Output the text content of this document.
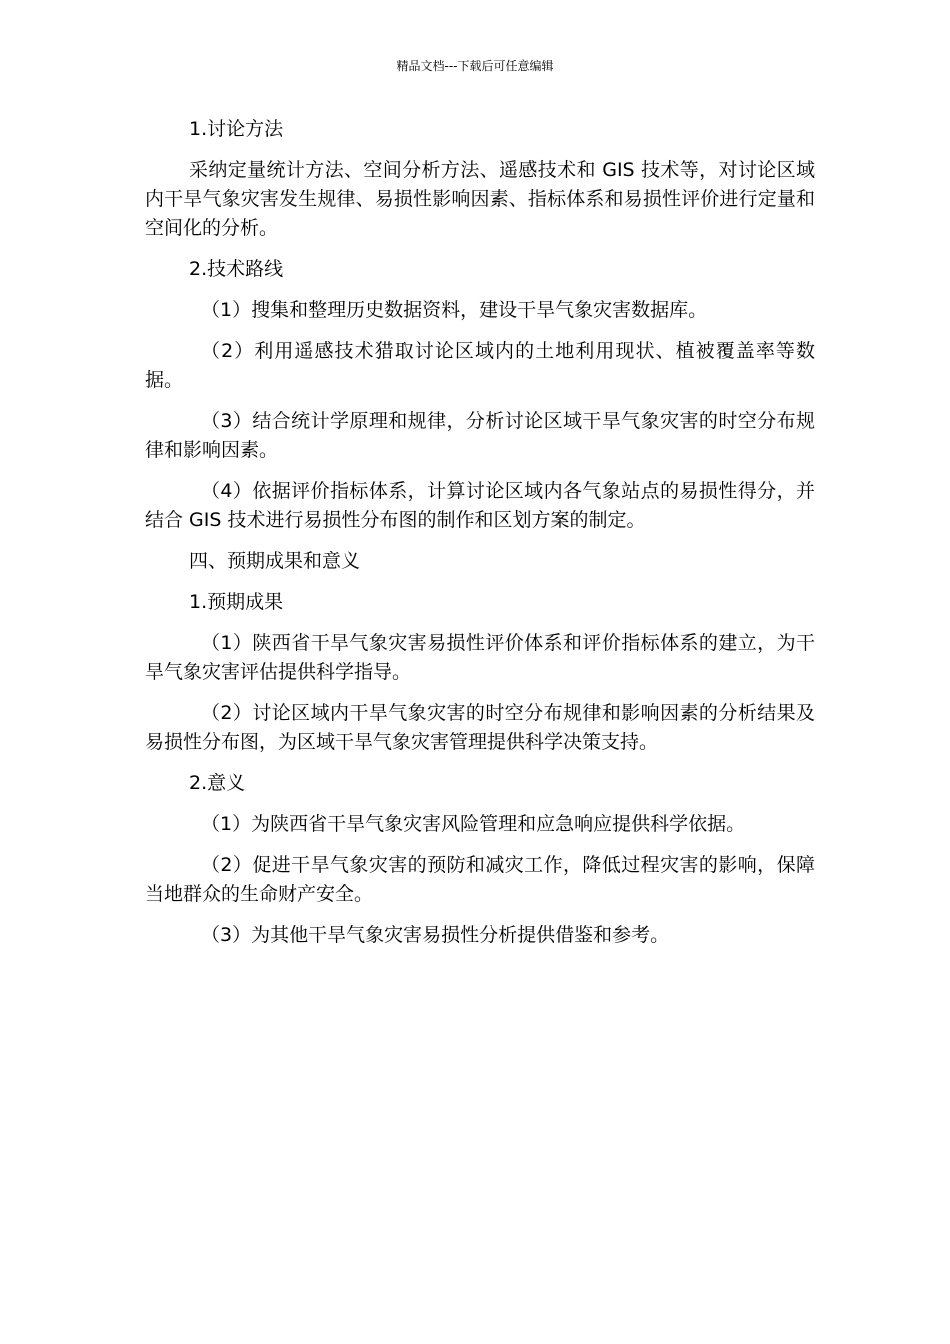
精品文档---下载后可任意编辑

1.讨论方法

采纳定量统计方法、空间分析方法、遥感技术和 GIS 技术等，对讨论区域内干旱气象灾害发生规律、易损性影响因素、指标体系和易损性评价进行定量和空间化的分析。

2.技术路线

（1）搜集和整理历史数据资料，建设干旱气象灾害数据库。

（2）利用遥感技术猎取讨论区域内的土地利用现状、植被覆盖率等数据。

（3）结合统计学原理和规律，分析讨论区域干旱气象灾害的时空分布规律和影响因素。

（4）依据评价指标体系，计算讨论区域内各气象站点的易损性得分，并结合 GIS 技术进行易损性分布图的制作和区划方案的制定。

四、预期成果和意义

1.预期成果

（1）陕西省干旱气象灾害易损性评价体系和评价指标体系的建立，为干旱气象灾害评估提供科学指导。

（2）讨论区域内干旱气象灾害的时空分布规律和影响因素的分析结果及易损性分布图，为区域干旱气象灾害管理提供科学决策支持。

2.意义

（1）为陕西省干旱气象灾害风险管理和应急响应提供科学依据。

（2）促进干旱气象灾害的预防和减灾工作，降低过程灾害的影响，保障当地群众的生命财产安全。

（3）为其他干旱气象灾害易损性分析提供借鉴和参考。
